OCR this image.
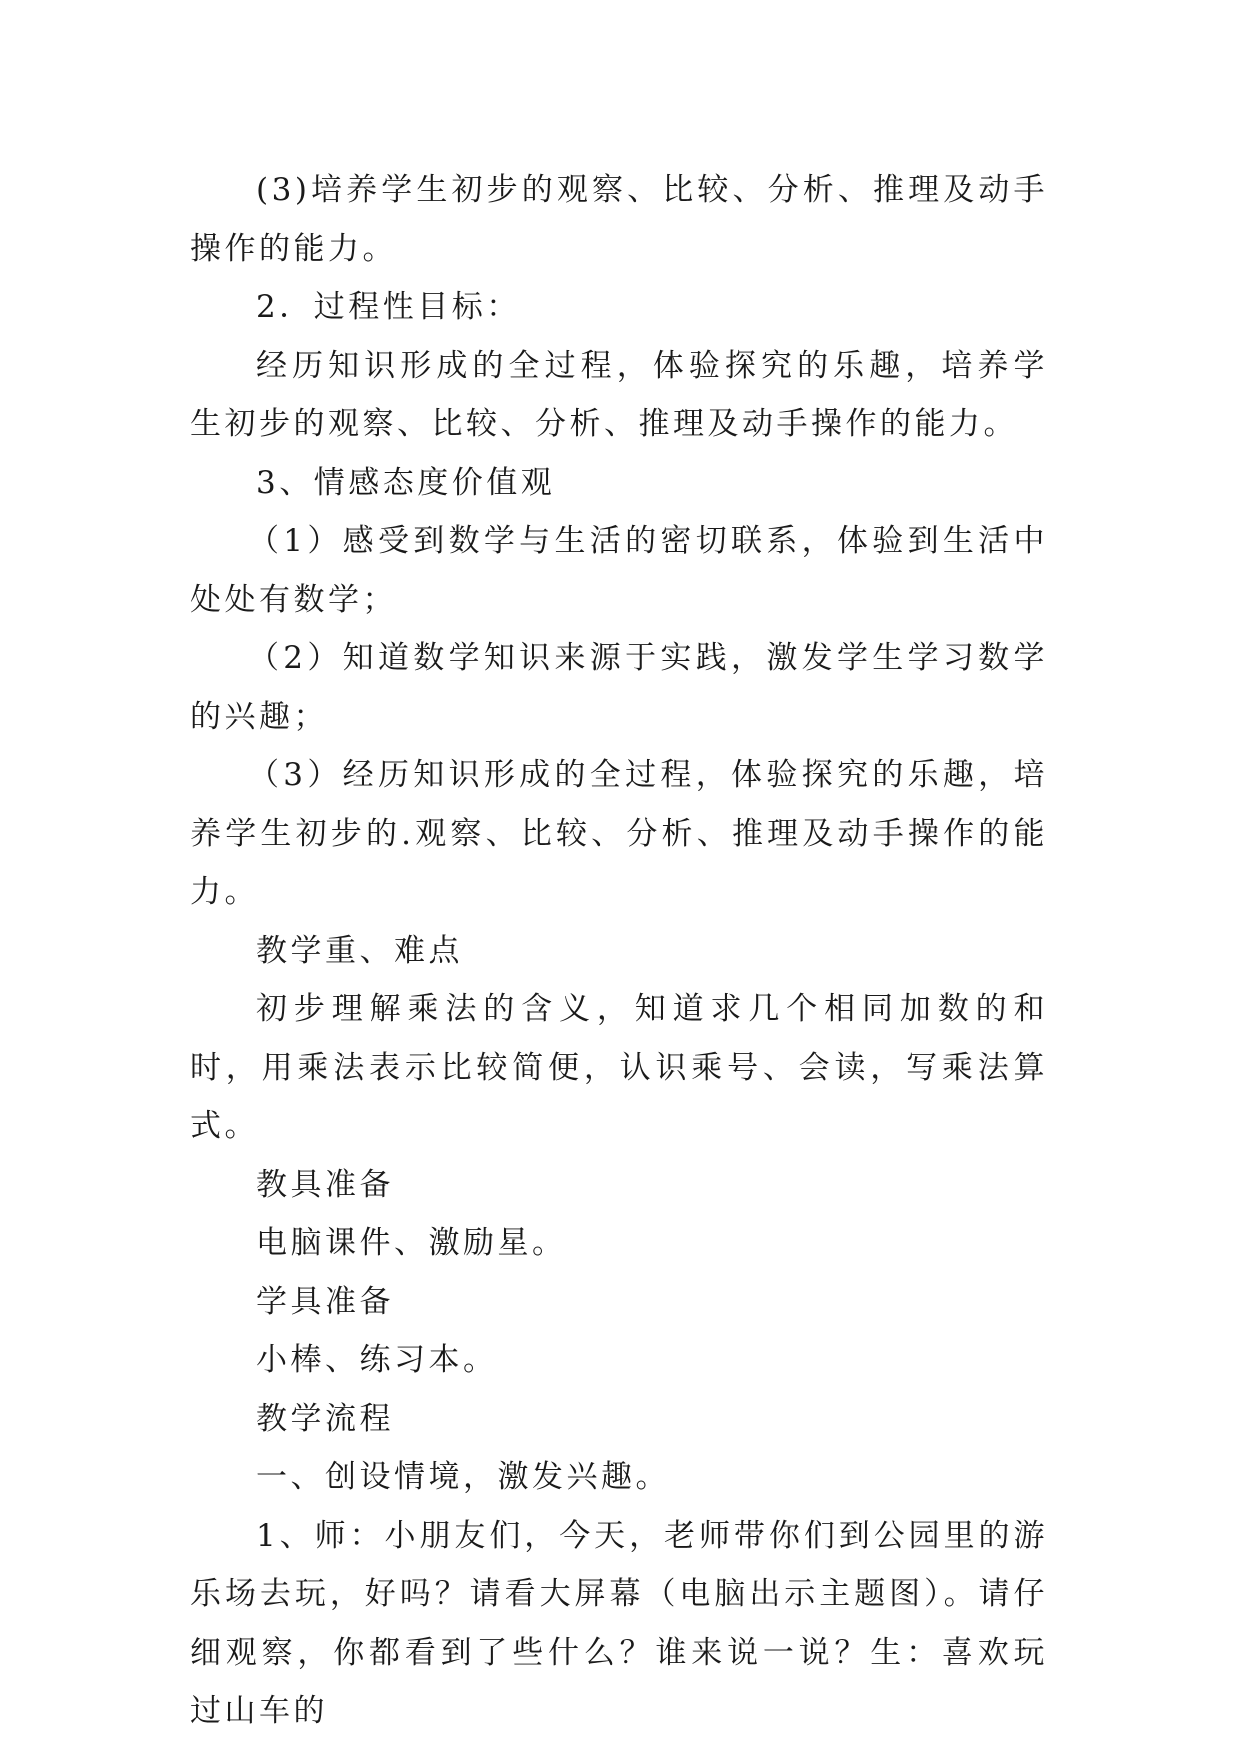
(3)培养学生初步的观察、比较、分析、推理及动手操作的能力。

2．过程性目标：

经历知识形成的全过程，体验探究的乐趣，培养学生初步的观察、比较、分析、推理及动手操作的能力。

3、情感态度价值观

（1）感受到数学与生活的密切联系，体验到生活中处处有数学；

（2）知道数学知识来源于实践，激发学生学习数学的兴趣；

（3）经历知识形成的全过程，体验探究的乐趣，培养学生初步的.观察、比较、分析、推理及动手操作的能力。

教学重、难点

初步理解乘法的含义，知道求几个相同加数的和时，用乘法表示比较简便，认识乘号、会读，写乘法算式。

教具准备

电脑课件、激励星。

学具准备

小棒、练习本。

教学流程

一、创设情境，激发兴趣。

1、师：小朋友们，今天，老师带你们到公园里的游乐场去玩，好吗？请看大屏幕（电脑出示主题图）。请仔细观察，你都看到了些什么？谁来说一说？生：喜欢玩过山车的
